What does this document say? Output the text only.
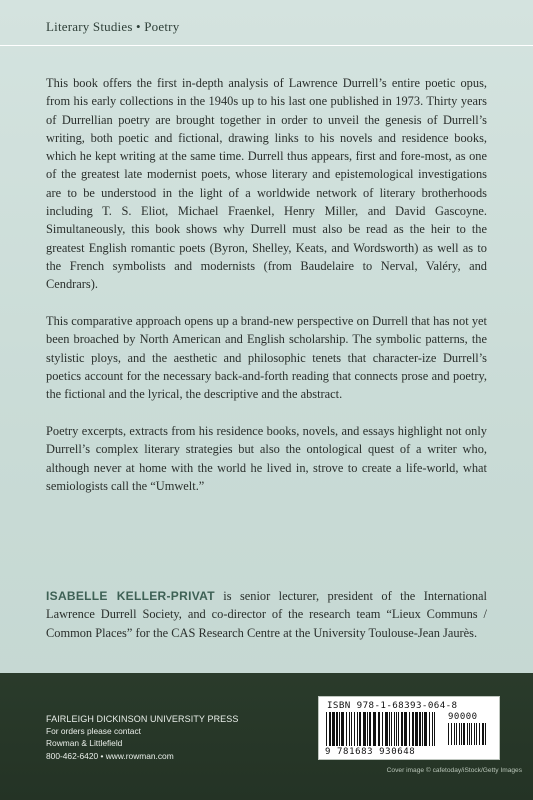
Literary Studies • Poetry

This book offers the first in-depth analysis of Lawrence Durrell’s entire poetic opus, from his early collections in the 1940s up to his last one published in 1973. Thirty years of Durrellian poetry are brought together in order to unveil the genesis of Durrell’s writing, both poetic and fictional, drawing links to his novels and residence books, which he kept writing at the same time. Durrell thus appears, first and fore-most, as one of the greatest late modernist poets, whose literary and epistemological investigations are to be understood in the light of a worldwide network of literary brotherhoods including T. S. Eliot, Michael Fraenkel, Henry Miller, and David Gascoyne. Simultaneously, this book shows why Durrell must also be read as the heir to the greatest English romantic poets (Byron, Shelley, Keats, and Wordsworth) as well as to the French symbolists and modernists (from Baudelaire to Nerval, Valéry, and Cendrars).

This comparative approach opens up a brand-new perspective on Durrell that has not yet been broached by North American and English scholarship. The symbolic patterns, the stylistic ploys, and the aesthetic and philosophic tenets that character-ize Durrell’s poetics account for the necessary back-and-forth reading that connects prose and poetry, the fictional and the lyrical, the descriptive and the abstract.

Poetry excerpts, extracts from his residence books, novels, and essays highlight not only Durrell’s complex literary strategies but also the ontological quest of a writer who, although never at home with the world he lived in, strove to create a life-world, what semiologists call the “Umwelt.”

ISABELLE KELLER-PRIVAT is senior lecturer, president of the International Lawrence Durrell Society, and co-director of the research team “Lieux Communs / Common Places” for the CAS Research Centre at the University Toulouse-Jean Jaurès.
FAIRLEIGH DICKINSON UNIVERSITY PRESS
For orders please contact
Rowman & Littlefield
800-462-6420 • www.rowman.com
ISBN 978-1-68393-064-8
90000
9 781683 930648
Cover image © cafetoday/iStock/Getty Images
